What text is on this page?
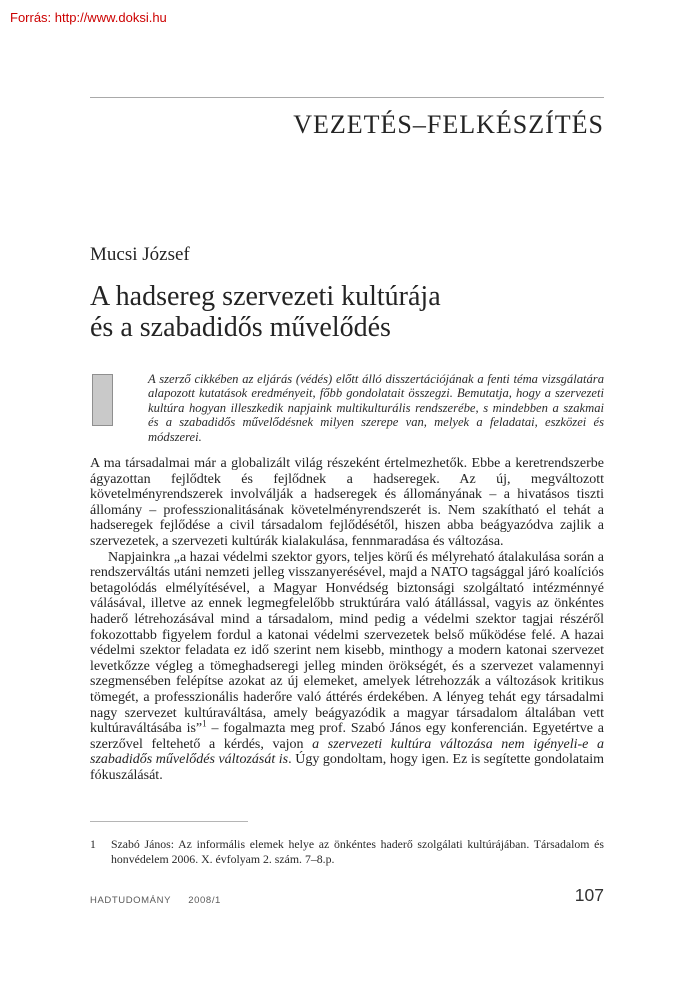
Forrás: http://www.doksi.hu
VEZETÉS–FELKÉSZÍTÉS
Mucsi József
A hadsereg szervezeti kultúrája
és a szabadidős művelődés
A szerző cikkében az eljárás (védés) előtt álló disszertációjának a fenti téma vizsgálatára alapozott kutatások eredményeit, főbb gondolatait összegzi. Bemutatja, hogy a szervezeti kultúra hogyan illeszkedik napjaink multikulturális rendszerébe, s mindebben a szakmai és a szabadidős művelődésnek milyen szerepe van, melyek a feladatai, eszközei és módszerei.

A ma társadalmai már a globalizált világ részeként értelmezhetők. Ebbe a keretrendszerbe ágyazottan fejlődtek és fejlődnek a hadseregek. Az új, megváltozott követelményrendszerek involválják a hadseregek és állományának – a hivatásos tiszti állomány – professzionalitásának követelményrendszerét is. Nem szakítható el tehát a hadseregek fejlődése a civil társadalom fejlődésétől, hiszen abba beágyazódva zajlik a szervezetek, a szervezeti kultúrák kialakulása, fennmaradása és változása.

Napjainkra „a hazai védelmi szektor gyors, teljes körű és mélyreható átalakulása során a rendszerváltás utáni nemzeti jelleg visszanyerésével, majd a NATO tagsággal járó koalíciós betagolódás elmélyítésével, a Magyar Honvédség biztonsági szolgáltató intézménnyé válásával, illetve az ennek legmegfelelőbb struktúrára való átállással, vagyis az önkéntes haderő létrehozásával mind a társadalom, mind pedig a védelmi szektor tagjai részéről fokozottabb figyelem fordul a katonai védelmi szervezetek belső működése felé. A hazai védelmi szektor feladata ez idő szerint nem kisebb, minthogy a modern katonai szervezet levetkőzze végleg a tömeghadseregi jelleg minden örökségét, és a szervezet valamennyi szegmensében felépítse azokat az új elemeket, amelyek létrehozzák a változások kritikus tömegét, a professzionális haderőre való áttérés érdekében. A lényeg tehát egy társadalmi nagy szervezet kultúraváltása, amely beágyazódik a magyar társadalom általában vett kultúraváltásába is”$^1$ – fogalmazta meg prof. Szabó János egy konferencián. Egyetértve a szerzővel feltehető a kérdés, vajon a szervezeti kultúra változása nem igényeli-e a szabadidős művelődés változását is. Úgy gondoltam, hogy igen. Ez is segítette gondolataim fókuszálását.

1 Szabó János: Az informális elemek helye az önkéntes haderő szolgálati kultúrájában. Társadalom és honvédelem 2006. X. évfolyam 2. szám. 7–8.p.
HADTUDOMÁNY 2008/1	107
